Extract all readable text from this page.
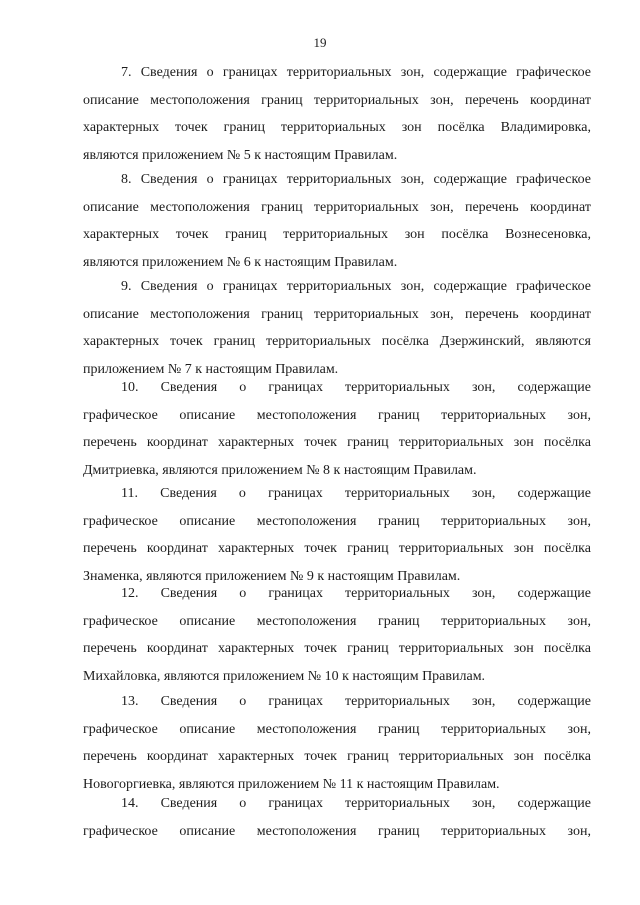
19
7. Сведения о границах территориальных зон, содержащие графическое
описание местоположения границ территориальных зон, перечень координат
характерных точек границ территориальных зон посёлка Владимировка,
являются приложением № 5 к настоящим Правилам.
8. Сведения о границах территориальных зон, содержащие графическое
описание местоположения границ территориальных зон, перечень координат
характерных точек границ территориальных зон посёлка Вознесеновка,
являются приложением № 6 к настоящим Правилам.
9. Сведения о границах территориальных зон, содержащие графическое
описание местоположения границ территориальных зон, перечень координат
характерных точек границ территориальных посёлка Дзержинский, являются
приложением № 7 к настоящим Правилам.
10. Сведения о границах территориальных зон, содержащие
графическое описание местоположения границ территориальных зон,
перечень координат характерных точек границ территориальных зон посёлка
Дмитриевка, являются приложением № 8 к настоящим Правилам.
11. Сведения о границах территориальных зон, содержащие
графическое описание местоположения границ территориальных зон,
перечень координат характерных точек границ территориальных зон посёлка
Знаменка, являются приложением № 9 к настоящим Правилам.
12. Сведения о границах территориальных зон, содержащие
графическое описание местоположения границ территориальных зон,
перечень координат характерных точек границ территориальных зон посёлка
Михайловка, являются приложением № 10 к настоящим Правилам.
13. Сведения о границах территориальных зон, содержащие
графическое описание местоположения границ территориальных зон,
перечень координат характерных точек границ территориальных зон посёлка
Новогоргиевка, являются приложением № 11 к настоящим Правилам.
14. Сведения о границах территориальных зон, содержащие
графическое описание местоположения границ территориальных зон,
